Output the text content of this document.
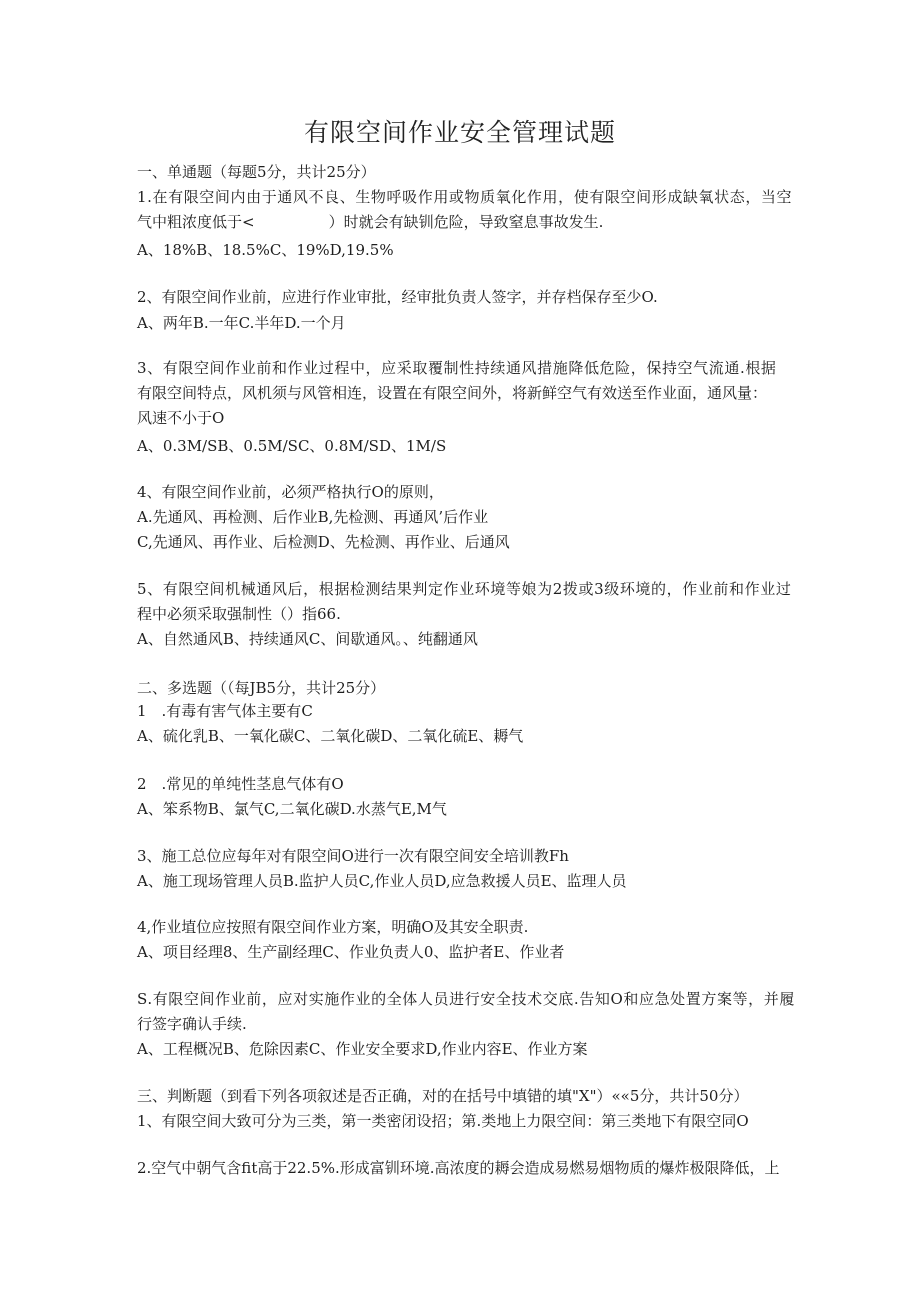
有限空间作业安全管理试题
一、单通题（每题5分，共计25分）
1.在有限空间内由于通风不良、生物呼吸作用或物质氧化作用，使有限空间形成缺氧状态，当空
气中粗浓度低于<	）时就会有缺钏危险，导致窒息事故发生.
A、18%B、18.5%C、19%D,19.5%
2、有限空间作业前，应进行作业审批，经审批负责人签字，并存档保存至少O.
A、两年B.一年C.半年D.一个月
3、有限空间作业前和作业过程中，应采取覆制性持续通风措施降低危险，保持空气流通.根据
有限空间特点，风机须与风管相连，设置在有限空间外，将新鲜空气有效送至作业面，通风量：
风速不小于O
A、0.3M/SB、0.5M/SC、0.8M/SD、1M/S
4、有限空间作业前，必须严格执行O的原则，
A.先通风、再检测、后作业B,先检测、再通风’后作业
C,先通风、再作业、后检测D、先检测、再作业、后通风
5、有限空间机械通风后，根据检测结果判定作业环境等娘为2拨或3级环境的，作业前和作业过
程中必须采取强制性（）指66.
A、自然通风B、持续通风C、间歇通风。、纯翻通风
二、多选题（（每JB5分，共计25分）
1　.有毒有害气体主要有C
A、硫化乳B、一氧化碳C、二氧化碳D、二氧化硫E、耨气
2　.常见的单纯性茎息气体有O
A、笨系物B、氯气C,二氧化碳D.水蒸气E,M气
3、施工总位应每年对有限空间O进行一次有限空间安全培训教Fh
A、施工现场管理人员B.监护人员C,作业人员D,应急救援人员E、监理人员
4,作业埴位应按照有限空间作业方案，明确O及其安全职责.
A、项目经理8、生产副经理C、作业负责人0、监护者E、作业者
S.有限空间作业前，应对实施作业的全体人员进行安全技术交底.告知O和应急处置方案等，并履
行签字确认手续.
A、工程概况B、危除因素C、作业安全要求D,作业内容E、作业方案
三、判断题（到看下列各项叙述是否正确，对的在括号中填错的填"X"）««5分，共计50分）
1、有限空间大致可分为三类，第一类密闭设招；第.类地上力限空间：第三类地下有限空同O
2.空气中朝气含fit高于22.5%.形成富钏环境.高浓度的耨会造成易燃易烟物质的爆炸极限降低，上
